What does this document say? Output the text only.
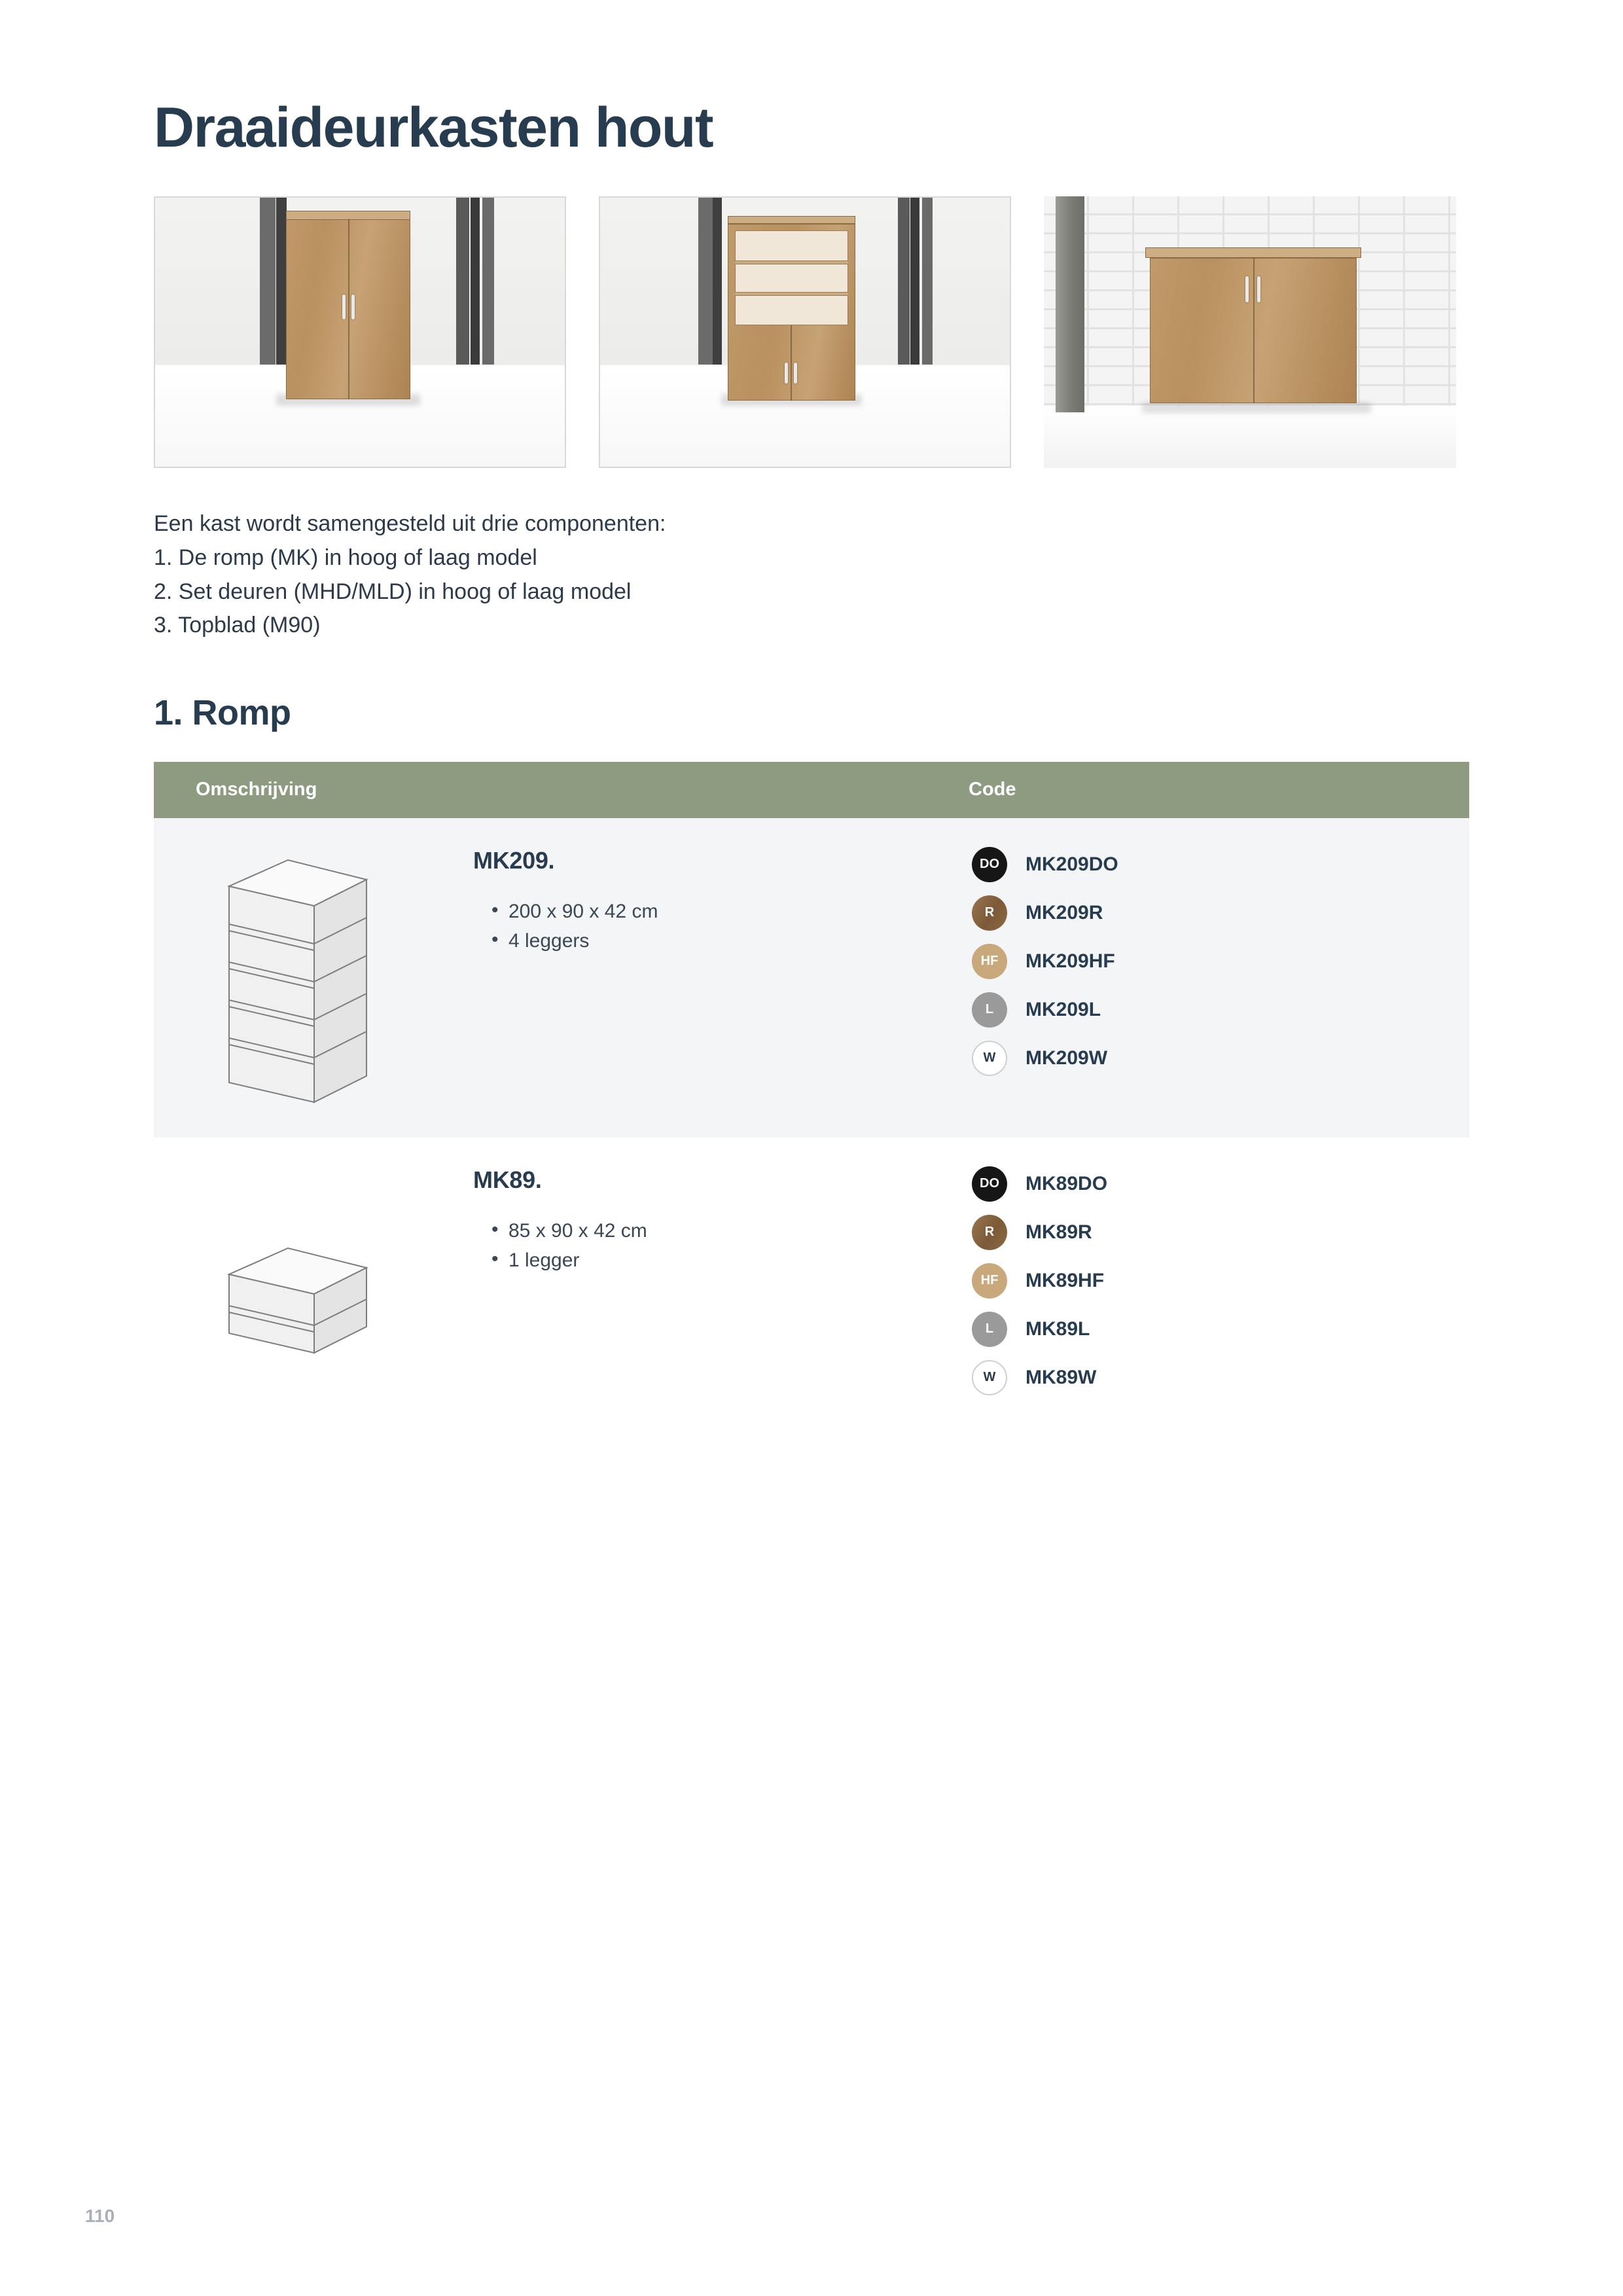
Draaideurkasten hout

Een kast wordt samengesteld uit drie componenten:

1. De romp (MK) in hoog of laag model

2. Set deuren (MHD/MLD) in hoog of laag model

3. Topblad (M90)

1. Romp
Omschrijving	Code
MK209.
• 200 x 90 x 42 cm
• 4 leggers
DO	MK209DO
R	MK209R
HF	MK209HF
L	MK209L
W	MK209W
MK89.
• 85 x 90 x 42 cm
• 1 legger
DO	MK89DO
R	MK89R
HF	MK89HF
L	MK89L
W	MK89W
110
